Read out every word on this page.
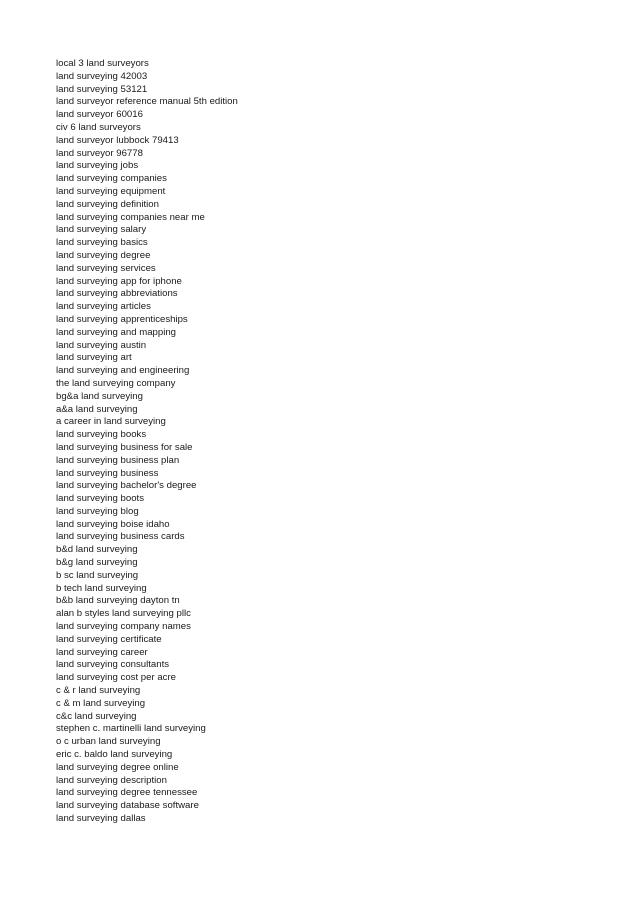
local 3 land surveyors
land surveying 42003
land surveying 53121
land surveyor reference manual 5th edition
land surveyor 60016
civ 6 land surveyors
land surveyor lubbock 79413
land surveyor 96778
land surveying jobs
land surveying companies
land surveying equipment
land surveying definition
land surveying companies near me
land surveying salary
land surveying basics
land surveying degree
land surveying services
land surveying app for iphone
land surveying abbreviations
land surveying articles
land surveying apprenticeships
land surveying and mapping
land surveying austin
land surveying art
land surveying and engineering
the land surveying company
bg&a land surveying
a&a land surveying
a career in land surveying
land surveying books
land surveying business for sale
land surveying business plan
land surveying business
land surveying bachelor's degree
land surveying boots
land surveying blog
land surveying boise idaho
land surveying business cards
b&d land surveying
b&g land surveying
b sc land surveying
b tech land surveying
b&b land surveying dayton tn
alan b styles land surveying pllc
land surveying company names
land surveying certificate
land surveying career
land surveying consultants
land surveying cost per acre
c & r land surveying
c & m land surveying
c&c land surveying
stephen c. martinelli land surveying
o c urban land surveying
eric c. baldo land surveying
land surveying degree online
land surveying description
land surveying degree tennessee
land surveying database software
land surveying dallas
